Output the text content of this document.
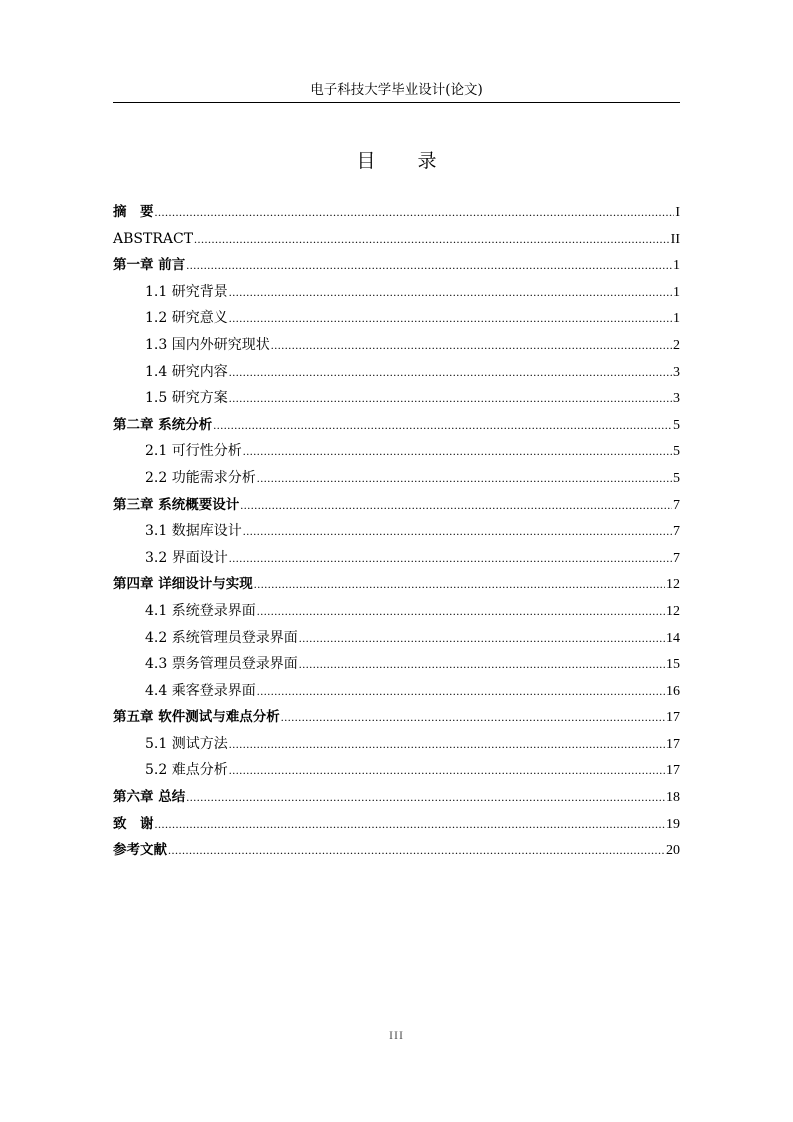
电子科技大学毕业设计(论文)
目 录
摘　要 .....	I
ABSTRACT .....	II
第一章 前言 .....	1
1.1 研究背景 .....	1
1.2 研究意义 .....	1
1.3 国内外研究现状 .....	2
1.4 研究内容 .....	3
1.5 研究方案 .....	3
第二章 系统分析 .....	5
2.1 可行性分析 .....	5
2.2 功能需求分析 .....	5
第三章 系统概要设计 .....	7
3.1 数据库设计 .....	7
3.2 界面设计 .....	7
第四章 详细设计与实现 .....	12
4.1 系统登录界面 .....	12
4.2 系统管理员登录界面 .....	14
4.3 票务管理员登录界面 .....	15
4.4 乘客登录界面 .....	16
第五章 软件测试与难点分析 .....	17
5.1 测试方法 .....	17
5.2 难点分析 .....	17
第六章 总结 .....	18
致　谢 .....	19
参考文献 .....	20
III
